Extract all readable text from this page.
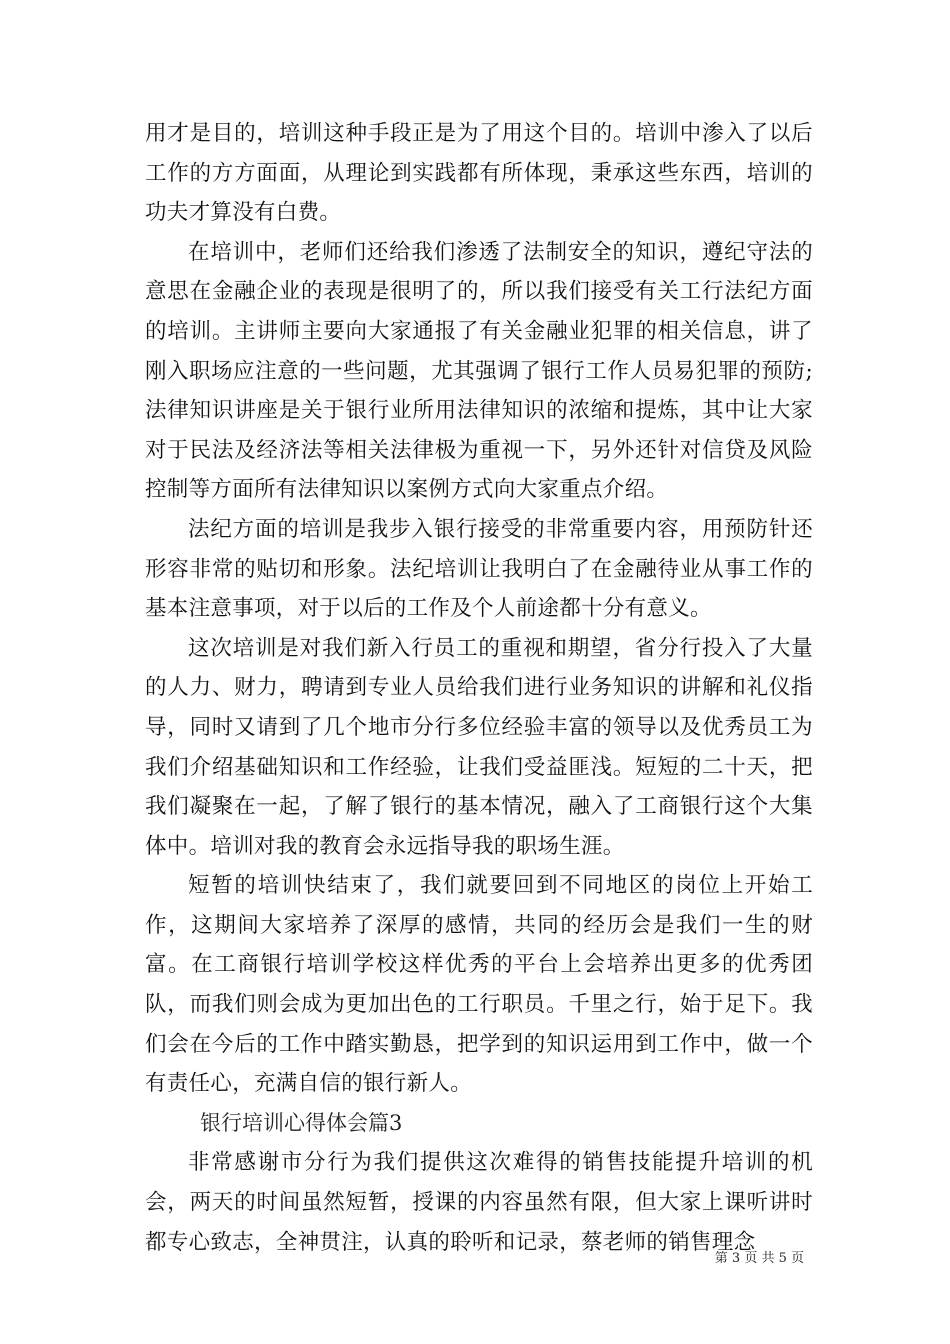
用才是目的，培训这种手段正是为了用这个目的。培训中渗入了以后工作的方方面面，从理论到实践都有所体现，秉承这些东西，培训的功夫才算没有白费。

在培训中，老师们还给我们渗透了法制安全的知识，遵纪守法的意思在金融企业的表现是很明了的，所以我们接受有关工行法纪方面的培训。主讲师主要向大家通报了有关金融业犯罪的相关信息，讲了刚入职场应注意的一些问题，尤其强调了银行工作人员易犯罪的预防;法律知识讲座是关于银行业所用法律知识的浓缩和提炼，其中让大家对于民法及经济法等相关法律极为重视一下，另外还针对信贷及风险控制等方面所有法律知识以案例方式向大家重点介绍。

法纪方面的培训是我步入银行接受的非常重要内容，用预防针还形容非常的贴切和形象。法纪培训让我明白了在金融待业从事工作的基本注意事项，对于以后的工作及个人前途都十分有意义。

这次培训是对我们新入行员工的重视和期望，省分行投入了大量的人力、财力，聘请到专业人员给我们进行业务知识的讲解和礼仪指导，同时又请到了几个地市分行多位经验丰富的领导以及优秀员工为我们介绍基础知识和工作经验，让我们受益匪浅。短短的二十天，把我们凝聚在一起，了解了银行的基本情况，融入了工商银行这个大集体中。培训对我的教育会永远指导我的职场生涯。

短暂的培训快结束了，我们就要回到不同地区的岗位上开始工作，这期间大家培养了深厚的感情，共同的经历会是我们一生的财富。在工商银行培训学校这样优秀的平台上会培养出更多的优秀团队，而我们则会成为更加出色的工行职员。千里之行，始于足下。我们会在今后的工作中踏实勤恳，把学到的知识运用到工作中，做一个有责任心，充满自信的银行新人。

银行培训心得体会篇3

非常感谢市分行为我们提供这次难得的销售技能提升培训的机会，两天的时间虽然短暂，授课的内容虽然有限，但大家上课听讲时都专心致志，全神贯注，认真的聆听和记录，蔡老师的销售理念

第 3 页 共 5 页
